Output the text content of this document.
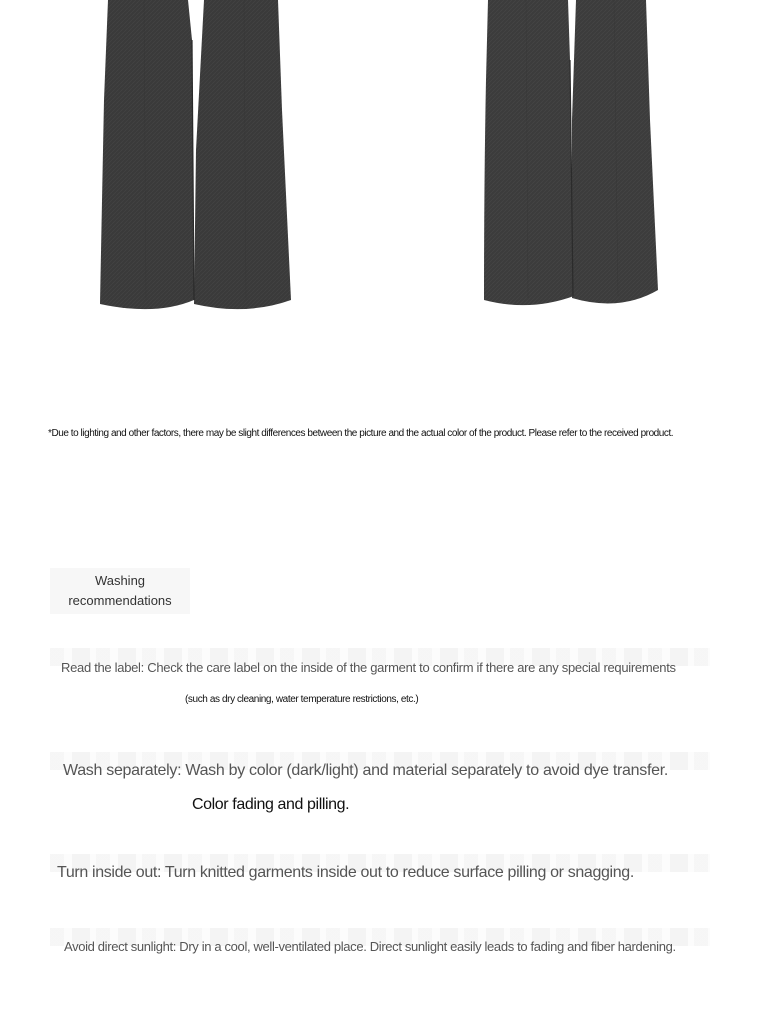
*Due to lighting and other factors, there may be slight differences between the picture and the actual color of the product. Please refer to the received product.
Washing
recommendations
Read the label: Check the care label on the inside of the garment to confirm if there are any special requirements
(such as dry cleaning, water temperature restrictions, etc.)
Wash separately: Wash by color (dark/light) and material separately to avoid dye transfer.
Color fading and pilling.
Turn inside out: Turn knitted garments inside out to reduce surface pilling or snagging.
Avoid direct sunlight: Dry in a cool, well-ventilated place. Direct sunlight easily leads to fading and fiber hardening.
